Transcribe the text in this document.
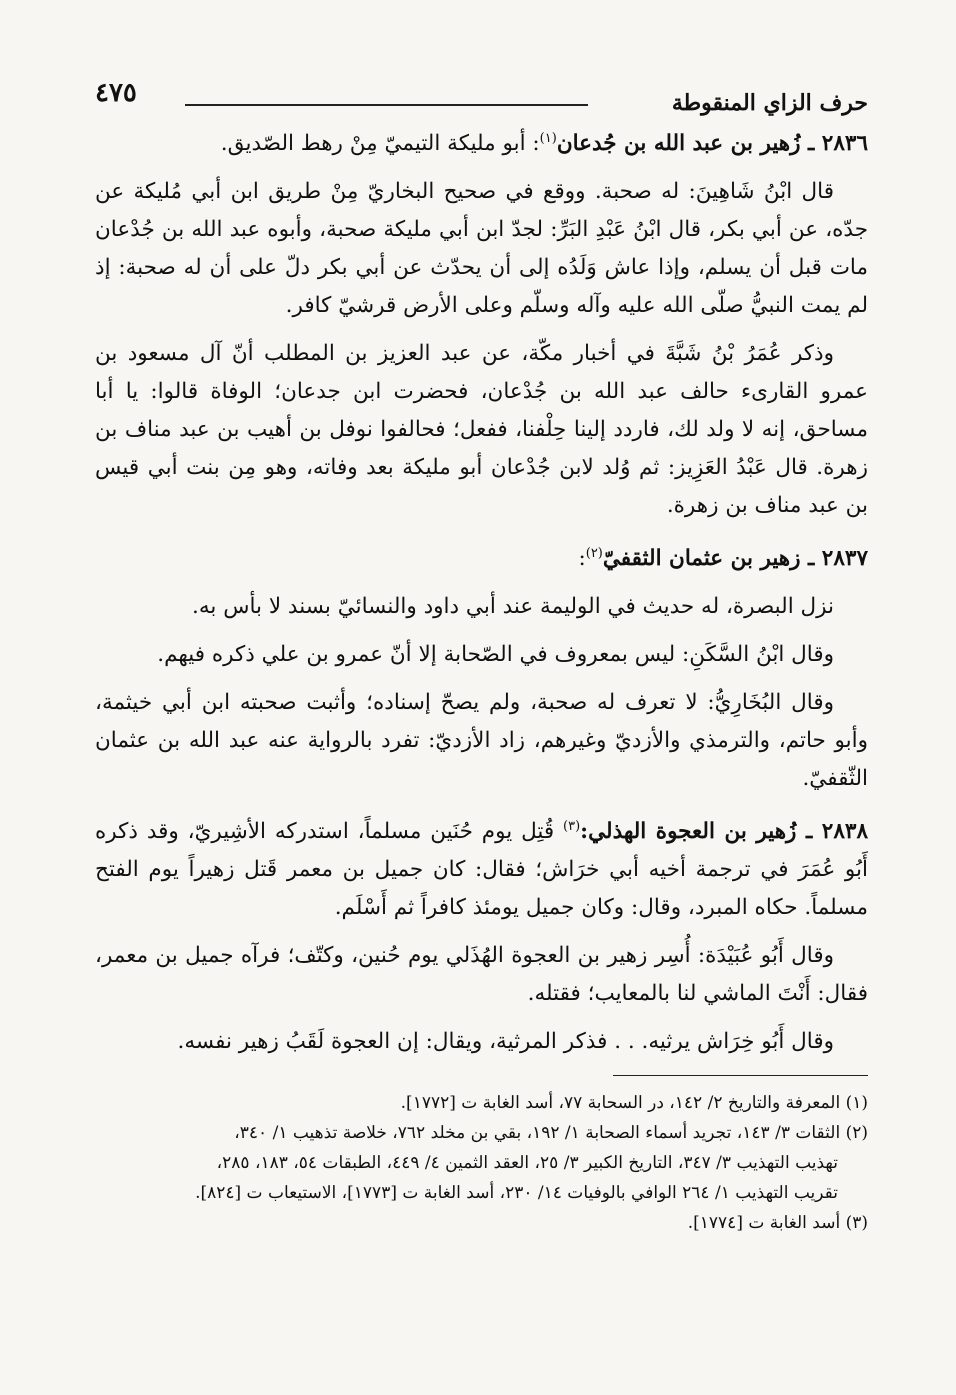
حرف الزاي المنقوطة
٤٧٥

٢٨٣٦ ـ زُهير بن عبد الله بن جُدعان$^{(١)}$: أبو مليكة التيميّ مِنْ رهط الصّديق.

قال ابْنُ شَاهِينَ: له صحبة. ووقع في صحيح البخاريّ مِنْ طريق ابن أبي مُليكة عن جدّه، عن أبي بكر، قال ابْنُ عَبْدِ البَرِّ: لجدّ ابن أبي مليكة صحبة، وأبوه عبد الله بن جُدْعان مات قبل أن يسلم، وإذا عاش وَلَدُه إلى أن يحدّث عن أبي بكر دلّ على أن له صحبة: إذ لم يمت النبيُّ صلّى الله عليه وآله وسلّم وعلى الأرض قرشيّ كافر.

وذكر عُمَرُ بْنُ شَبَّةَ في أخبار مكّة، عن عبد العزيز بن المطلب أنّ آل مسعود بن عمرو القارىء حالف عبد الله بن جُدْعان، فحضرت ابن جدعان؛ الوفاة قالوا: يا أبا مساحق، إنه لا ولد لك، فاردد إلينا حِلْفنا، ففعل؛ فحالفوا نوفل بن أهيب بن عبد مناف بن زهرة. قال عَبْدُ العَزِيز: ثم وُلد لابن جُدْعان أبو مليكة بعد وفاته، وهو مِن بنت أبي قيس بن عبد مناف بن زهرة.

٢٨٣٧ ـ زهير بن عثمان الثقفيّ$^{(٢)}$:

نزل البصرة، له حديث في الوليمة عند أبي داود والنسائيّ بسند لا بأس به.

وقال ابْنُ السَّكَنِ: ليس بمعروف في الصّحابة إلا أنّ عمرو بن علي ذكره فيهم.

وقال البُخَارِيُّ: لا تعرف له صحبة، ولم يصحّ إسناده؛ وأثبت صحبته ابن أبي خيثمة، وأبو حاتم، والترمذي والأزديّ وغيرهم، زاد الأزديّ: تفرد بالرواية عنه عبد الله بن عثمان الثّقفيّ.

٢٨٣٨ ـ زُهير بن العجوة الهذلي:$^{(٣)}$ قُتِل يوم حُنَين مسلماً، استدركه الأشِيريّ، وقد ذكره أَبُو عُمَرَ في ترجمة أخيه أبي خرَاش؛ فقال: كان جميل بن معمر قَتل زهيراً يوم الفتح مسلماً. حكاه المبرد، وقال: وكان جميل يومئذ كافراً ثم أَسْلَم.

وقال أَبُو عُبَيْدَة: أُسِر زهير بن العجوة الهُذَلي يوم حُنين، وكتّف؛ فرآه جميل بن معمر، فقال: أَنْتَ الماشي لنا بالمعايب؛ فقتله.

وقال أَبُو خِرَاش يرثيه. . . فذكر المرثية، ويقال: إن العجوة لَقَبُ زهير نفسه.

(١) المعرفة والتاريخ ٢/ ١٤٢، در السحابة ٧٧، أسد الغابة ت [١٧٧٢].

(٢) الثقات ٣/ ١٤٣، تجريد أسماء الصحابة ١/ ١٩٢، بقي بن مخلد ٧٦٢، خلاصة تذهيب ١/ ٣٤٠،

تهذيب التهذيب ٣/ ٣٤٧، التاريخ الكبير ٣/ ٢٥، العقد الثمين ٤/ ٤٤٩، الطبقات ٥٤، ١٨٣، ٢٨٥،

تقريب التهذيب ١/ ٢٦٤ الوافي بالوفيات ١٤/ ٢٣٠، أسد الغابة ت [١٧٧٣]، الاستيعاب ت [٨٢٤].

(٣) أسد الغابة ت [١٧٧٤].
